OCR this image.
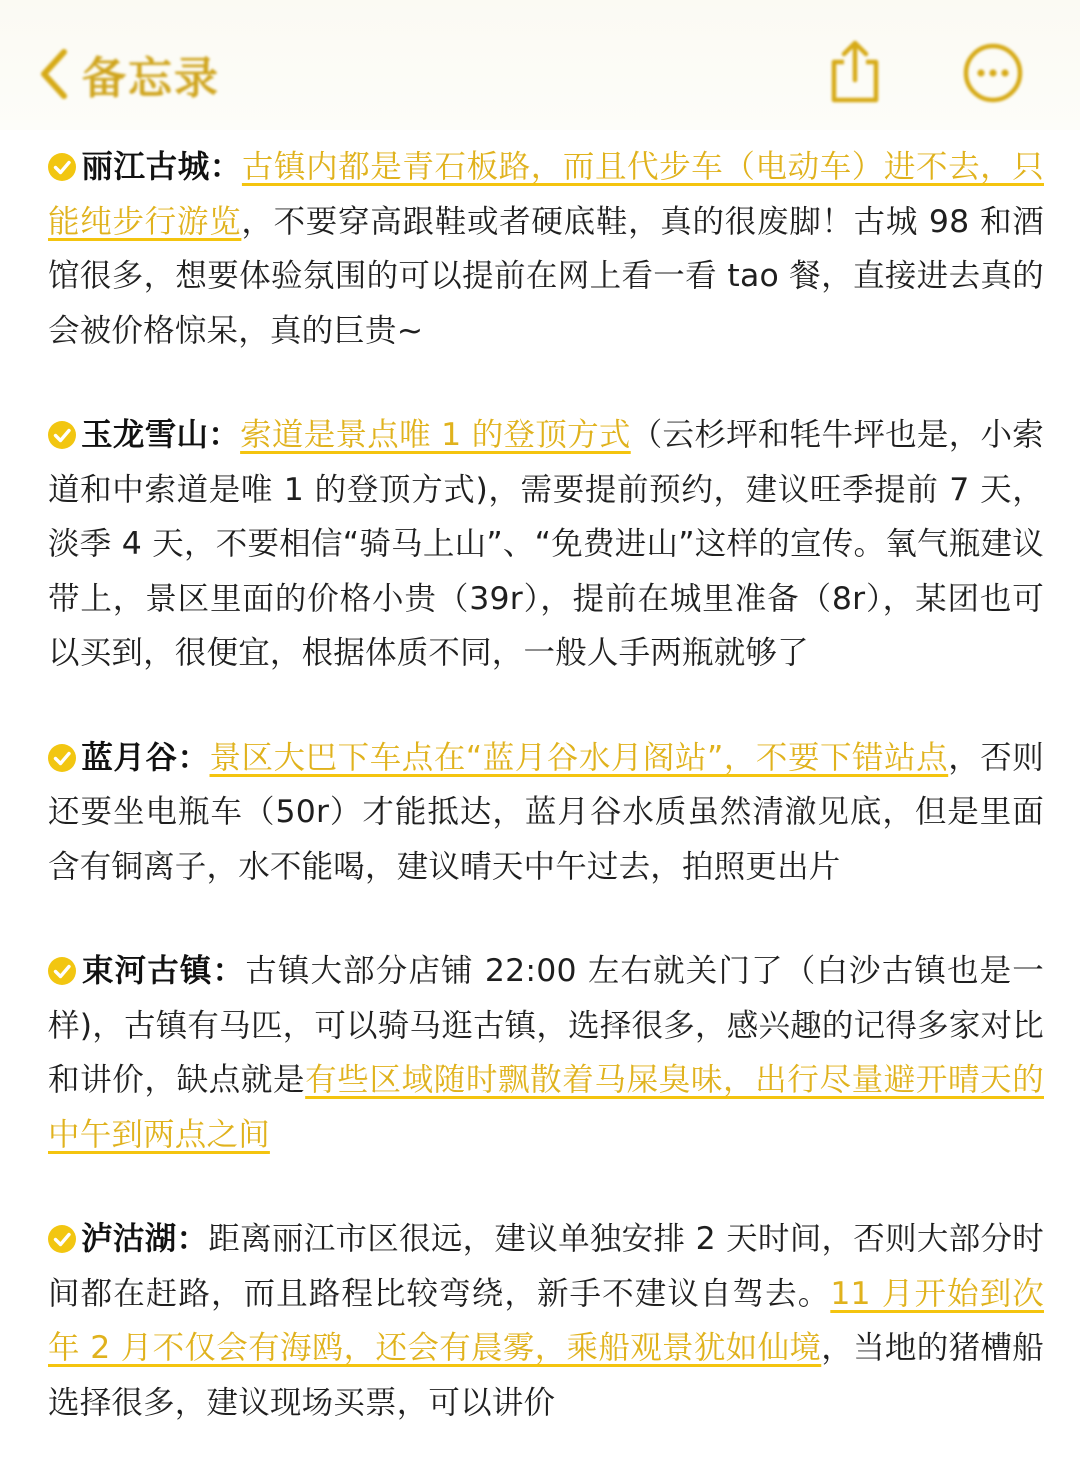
备忘录
丽江古城：古镇内都是青石板路，而且代步车（电动车）进不去，只能纯步行游览，不要穿高跟鞋或者硬底鞋，真的很废脚！古城 98 和酒馆很多，想要体验氛围的可以提前在网上看一看 tao 餐，直接进去真的会被价格惊呆，真的巨贵~
玉龙雪山：索道是景点唯 1 的登顶方式（云杉坪和牦牛坪也是，小索道和中索道是唯 1 的登顶方式)，需要提前预约，建议旺季提前 7 天，淡季 4 天，不要相信“骑马上山”、“免费进山”这样的宣传。氧气瓶建议带上，景区里面的价格小贵（39r），提前在城里准备（8r），某团也可以买到，很便宜，根据体质不同，一般人手两瓶就够了
蓝月谷：景区大巴下车点在“蓝月谷水月阁站”，不要下错站点，否则还要坐电瓶车（50r）才能抵达，蓝月谷水质虽然清澈见底，但是里面含有铜离子，水不能喝，建议晴天中午过去，拍照更出片
束河古镇：古镇大部分店铺 22:00 左右就关门了（白沙古镇也是一样)，古镇有马匹，可以骑马逛古镇，选择很多，感兴趣的记得多家对比和讲价，缺点就是有些区域随时飘散着马屎臭味，出行尽量避开晴天的中午到两点之间
泸沽湖：距离丽江市区很远，建议单独安排 2 天时间，否则大部分时间都在赶路，而且路程比较弯绕，新手不建议自驾去。11 月开始到次年 2 月不仅会有海鸥，还会有晨雾，乘船观景犹如仙境，当地的猪槽船选择很多，建议现场买票，可以讲价
